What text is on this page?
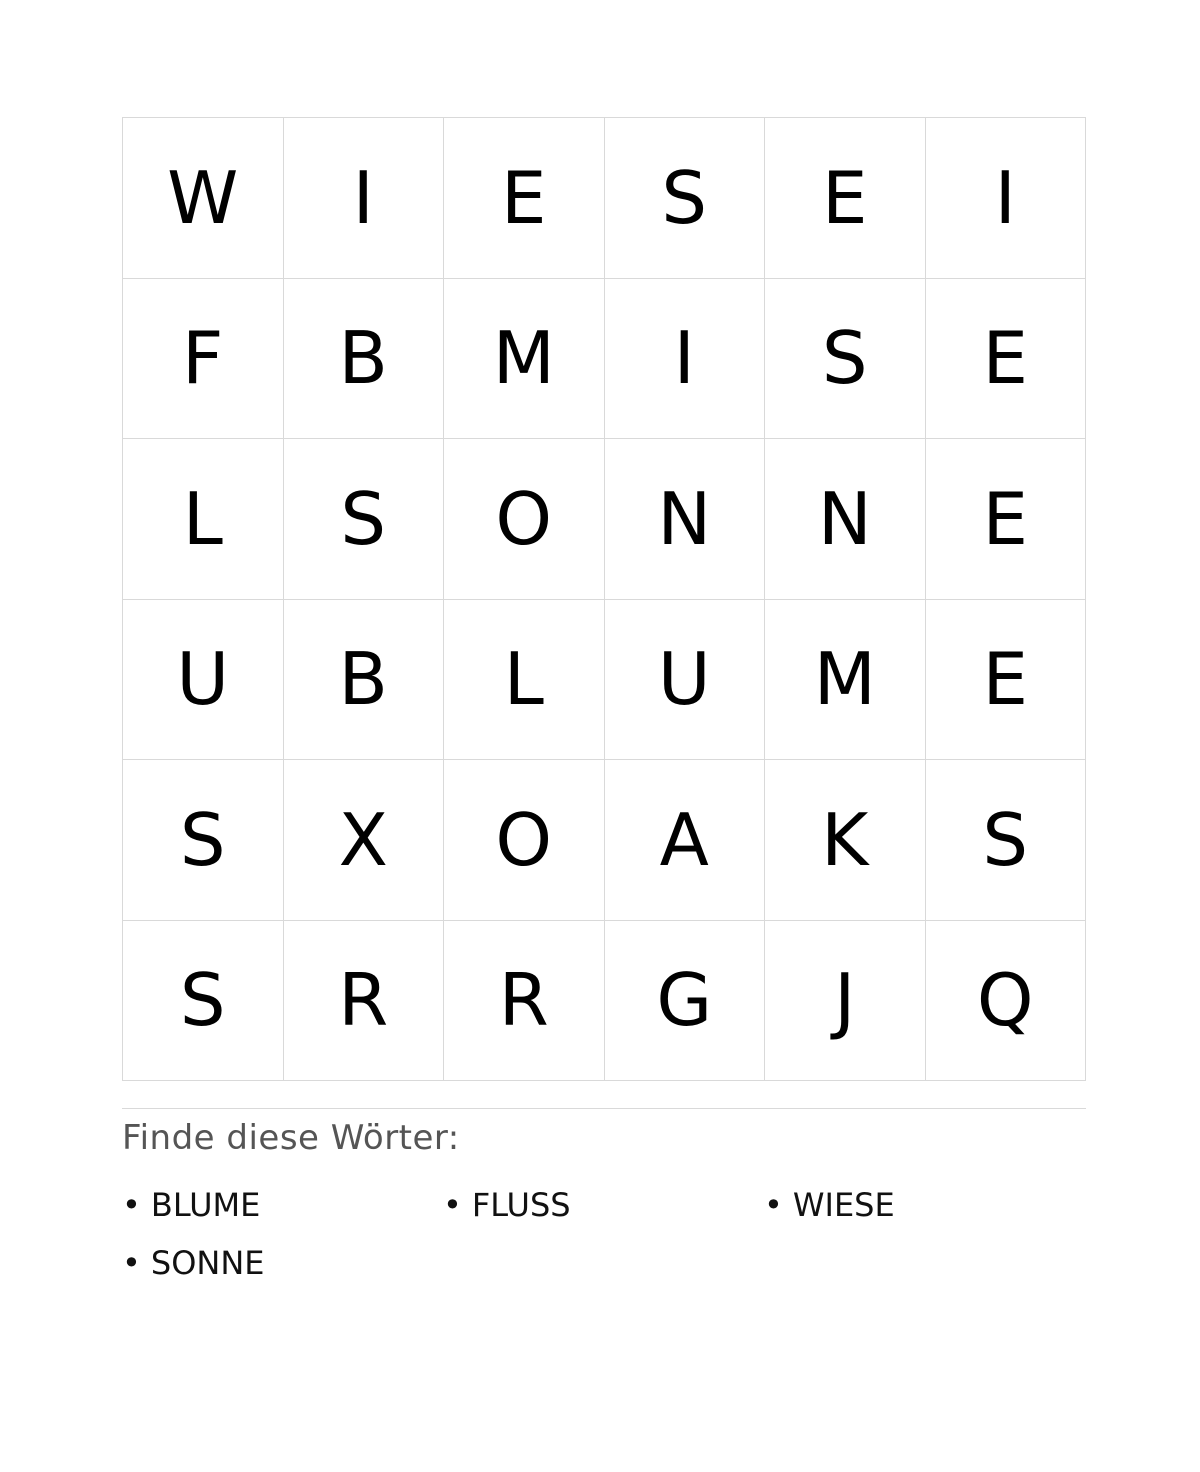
W	I	E	S	E	I
F	B	M	I	S	E
L	S	O	N	N	E
U	B	L	U	M	E
S	X	O	A	K	S
S	R	R	G	J	Q
Finde diese Wörter:
• BLUME	• FLUSS	• WIESE
• SONNE
